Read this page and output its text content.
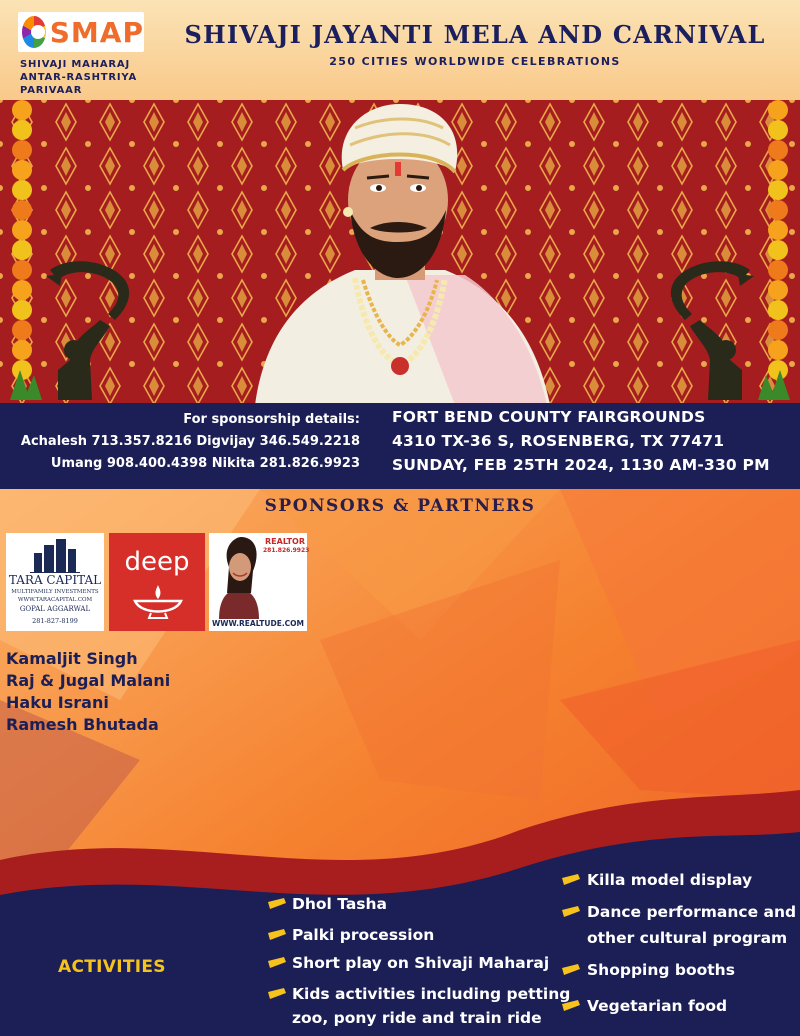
SMAP
SHIVAJI MAHARAJ
ANTAR-RASHTRIYA
PARIVAAR
SHIVAJI JAYANTI MELA AND CARNIVAL
250 CITIES WORLDWIDE CELEBRATIONS
For sponsorship details:
Achalesh 713.357.8216 Digvijay 346.549.2218
Umang 908.400.4398 Nikita 281.826.9923
FORT BEND COUNTY FAIRGROUNDS
4310 TX-36 S, ROSENBERG, TX 77471
SUNDAY, FEB 25TH 2024, 1130 AM-330 PM
SPONSORS & PARTNERS
TARA CAPITAL
MULTIFAMILY INVESTMENTS
WWW.TARACAPITAL.COM
GOPAL AGGARWAL
281-827-8199
deep
REALTOR
281.826.9923
WWW.REALTUDE.COM
Kamaljit Singh
Raj & Jugal Malani
Haku Israni
Ramesh Bhutada
ACTIVITIES
Dhol Tasha
Palki procession
Short play on Shivaji Maharaj
Kids activities including petting
zoo, pony ride and train ride
Killa model display
Dance performance and
other cultural program
Shopping booths
Vegetarian food
